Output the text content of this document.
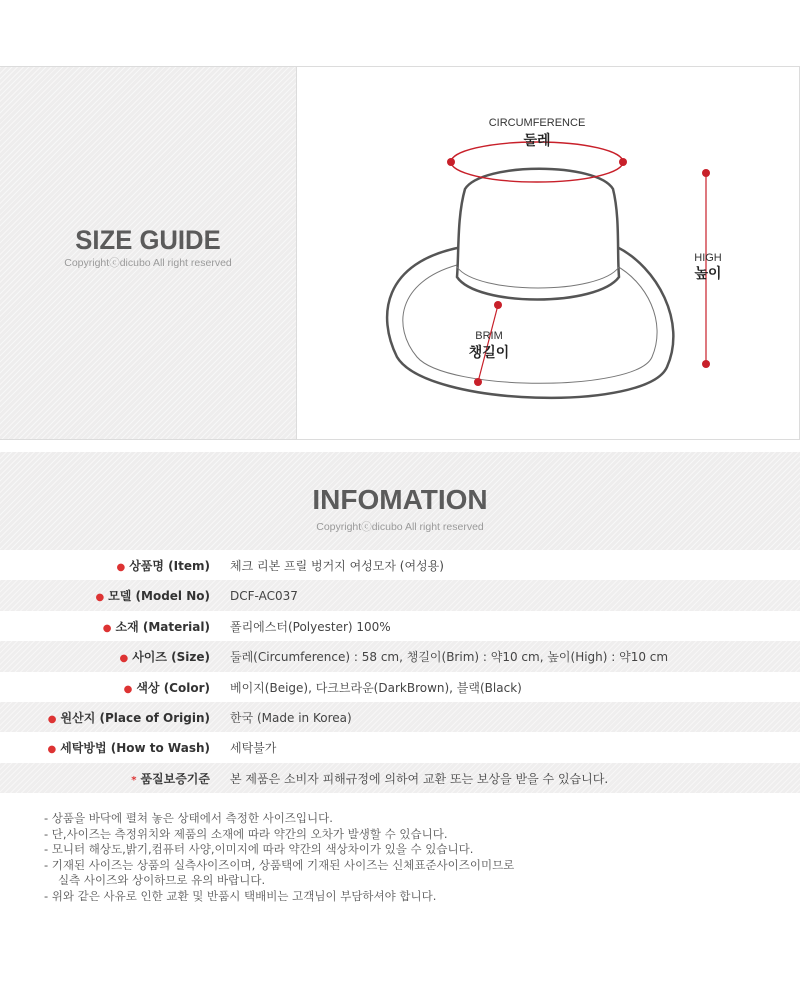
SIZE GUIDE
Copyrightⓒdicubo All right reserved
CIRCUMFERENCE
둘레
HIGH
높이
BRIM
챙길이
INFOMATION
Copyrightⓒdicubo All right reserved
● 상품명 (Item) 체크 리본 프릴 벙거지 여성모자 (여성용)
● 모델 (Model No) DCF-AC037
● 소재 (Material) 폴리에스터(Polyester) 100%
● 사이즈 (Size) 둘레(Circumference) : 58 cm, 챙길이(Brim) : 약10 cm, 높이(High) : 약10 cm
● 색상 (Color) 베이지(Beige), 다크브라운(DarkBrown), 블랙(Black)
● 원산지 (Place of Origin) 한국 (Made in Korea)
● 세탁방법 (How to Wash) 세탁불가
* 품질보증기준 본 제품은 소비자 피해규정에 의하여 교환 또는 보상을 받을 수 있습니다.
- 상품을 바닥에 펼쳐 놓은 상태에서 측정한 사이즈입니다.
- 단,사이즈는 측정위치와 제품의 소재에 따라 약간의 오차가 발생할 수 있습니다.
- 모니터 해상도,밝기,컴퓨터 사양,이미지에 따라 약간의 색상차이가 있을 수 있습니다.
- 기재된 사이즈는 상품의 실측사이즈이며, 상품택에 기재된 사이즈는 신체표준사이즈이미므로
실측 사이즈와 상이하므로 유의 바랍니다.
- 위와 같은 사유로 인한 교환 및 반품시 택배비는 고객님이 부담하셔야 합니다.
